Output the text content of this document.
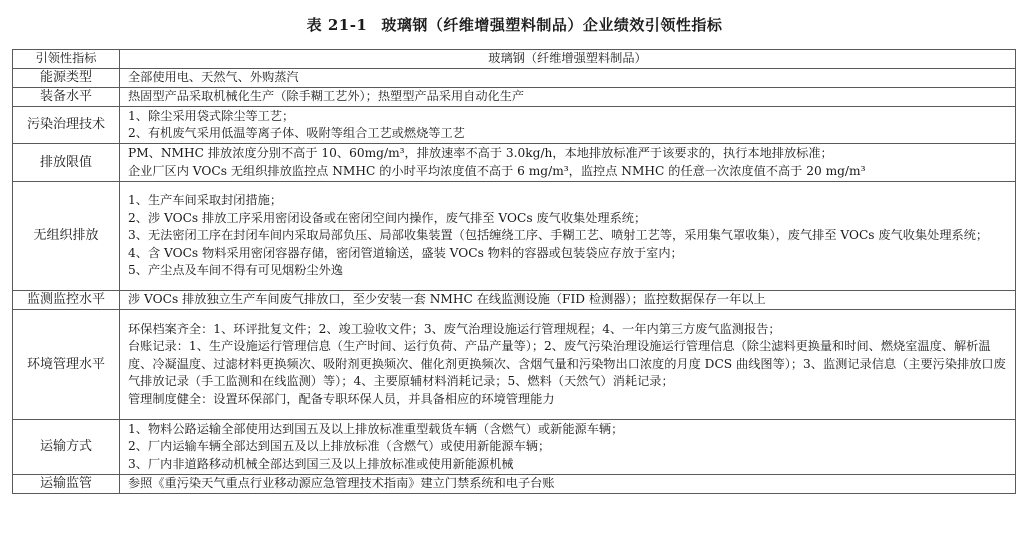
表 21-1 玻璃钢（纤维增强塑料制品）企业绩效引领性指标
引领性指标	玻璃钢（纤维增强塑料制品）
能源类型	全部使用电、天然气、外购蒸汽

装备水平	热固型产品采取机械化生产（除手糊工艺外）；热塑型产品采用自动化生产

污染治理技术	1、除尘采用袋式除尘等工艺；
2、有机废气采用低温等离子体、吸附等组合工艺或燃烧等工艺

排放限值	PM、NMHC 排放浓度分别不高于 10、60mg/m³，排放速率不高于 3.0kg/h，本地排放标准严于该要求的，执行本地排放标准；
企业厂区内 VOCs 无组织排放监控点 NMHC 的小时平均浓度值不高于 6 mg/m³，监控点 NMHC 的任意一次浓度值不高于 20 mg/m³

无组织排放	1、生产车间采取封闭措施；
2、涉 VOCs 排放工序采用密闭设备或在密闭空间内操作，废气排至 VOCs 废气收集处理系统；
3、无法密闭工序在封闭车间内采取局部负压、局部收集装置（包括缠绕工序、手糊工艺、喷射工艺等，采用集气罩收集），废气排至 VOCs 废气收集处理系统；
4、含 VOCs 物料采用密闭容器存储，密闭管道输送，盛装 VOCs 物料的容器或包装袋应存放于室内；
5、产尘点及车间不得有可见烟粉尘外逸

监测监控水平	涉 VOCs 排放独立生产车间废气排放口，至少安装一套 NMHC 在线监测设施（FID 检测器）；监控数据保存一年以上

环境管理水平	环保档案齐全：1、环评批复文件；2、竣工验收文件；3、废气治理设施运行管理规程；4、一年内第三方废气监测报告；
台账记录：1、生产设施运行管理信息（生产时间、运行负荷、产品产量等）；2、废气污染治理设施运行管理信息（除尘滤料更换量和时间、燃烧室温度、解析温度、冷凝温度、过滤材料更换频次、吸附剂更换频次、催化剂更换频次、含烟气量和污染物出口浓度的月度 DCS 曲线图等）；3、监测记录信息（主要污染排放口废气排放记录（手工监测和在线监测）等）；4、主要原辅材料消耗记录；5、燃料（天然气）消耗记录；
管理制度健全：设置环保部门，配备专职环保人员，并具备相应的环境管理能力

运输方式	1、物料公路运输全部使用达到国五及以上排放标准重型载货车辆（含燃气）或新能源车辆；
2、厂内运输车辆全部达到国五及以上排放标准（含燃气）或使用新能源车辆；
3、厂内非道路移动机械全部达到国三及以上排放标准或使用新能源机械

运输监管	参照《重污染天气重点行业移动源应急管理技术指南》建立门禁系统和电子台账
